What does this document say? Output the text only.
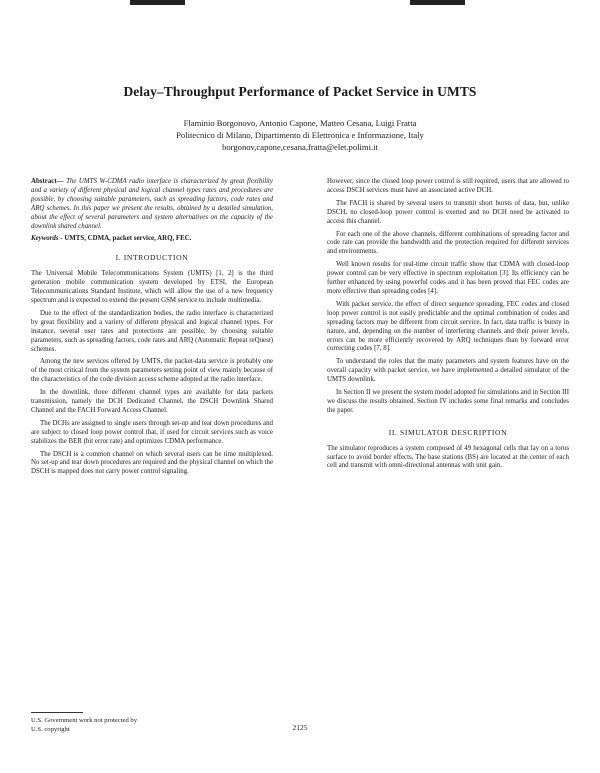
Delay–Throughput Performance of Packet Service in UMTS
Flaminio Borgonovo, Antonio Capone, Matteo Cesana, Luigi Fratta
Politecnico di Milano, Dipartimento di Elettronica e Informazione, Italy
borgonov,capone,cesana,fratta@elet.polimi.it

Abstract— The UMTS W-CDMA radio interface is characterized by great flexibility and a variety of different physical and logical channel types rates and procedures are possible, by choosing suitable parameters, such as spreading factors, code rates and ARQ schemes. In this paper we present the results, obtained by a detailed simulation, about the effect of several parameters and system alternatives on the capacity of the downlink shared channel.

Keywords - UMTS, CDMA, packet service, ARQ, FEC.

I. INTRODUCTION

The Universal Mobile Telecommunications System (UMTS) [1, 2] is the third generation mobile communication system developed by ETSI, the European Telecommunications Standard Institute, which will allow the use of a new frequency spectrum and is expected to extend the present GSM service to include multimedia.

Due to the effect of the standardization bodies, the radio interface is characterized by great flexibility and a variety of different physical and logical channel types. For instance, several user rates and protections are possible, by choosing suitable parameters, such as spreading factors, code rates and ARQ (Automatic Repeat reQuest) schemes.

Among the new services offered by UMTS, the packet-data service is probably one of the most critical from the system parameters setting point of view mainly because of the characteristics of the code division access scheme adopted at the radio interface.

In the downlink, three different channel types are available for data packets transmission, namely the DCH Dedicated Channel, the DSCH Downlink Shared Channel and the FACH Forward Access Channel.

The DCHs are assigned to single users through set-up and tear down procedures and are subject to closed loop power control that, if used for circuit services such as voice stabilizes the BER (bit error rate) and optimizes CDMA performance.

The DSCH is a common channel on which several users can be time multiplexed. No set-up and tear down procedures are required and the physical channel on which the DSCH is mapped does not carry power control signaling.

However, since the closed loop power control is still required, users that are allowed to access DSCH services must have an associated active DCH.

The FACH is shared by several users to transmit short bursts of data, but, unlike DSCH, no closed-loop power control is exerted and no DCH need be activated to access this channel.

For each one of the above channels, different combinations of spreading factor and code rate can provide the bandwidth and the protection required for different services and environments.

Well known results for real-time circuit traffic show that CDMA with closed-loop power control can be very effective in spectrum exploitation [3]. Its efficiency can be further enhanced by using powerful codes and it has been proved that FEC codes are more effective than spreading codes [4].

With packet service, the effect of direct sequence spreading, FEC codes and closed loop power control is not easily predictable and the optimal combination of codes and spreading factors may be different from circuit service. In fact, data traffic is bursty in nature, and, depending on the number of interfering channels and their power levels, errors can be more efficiently recovered by ARQ techniques than by forward error correcting codes [7, 8].

To understand the roles that the many parameters and system features have on the overall capacity with packet service, we have implemented a detailed simulator of the UMTS downlink.

In Section II we present the system model adopted for simulations and in Section III we discuss the results obtained. Section IV includes some final remarks and concludes the paper.

II. SIMULATOR DESCRIPTION

The simulator reproduces a system composed of 49 hexagonal cells that lay on a torus surface to avoid border effects. The base stations (BS) are located at the center of each cell and transmit with omni-directional antennas with unit gain.

U.S. Government work not protected by
U.S. copyright	2125
